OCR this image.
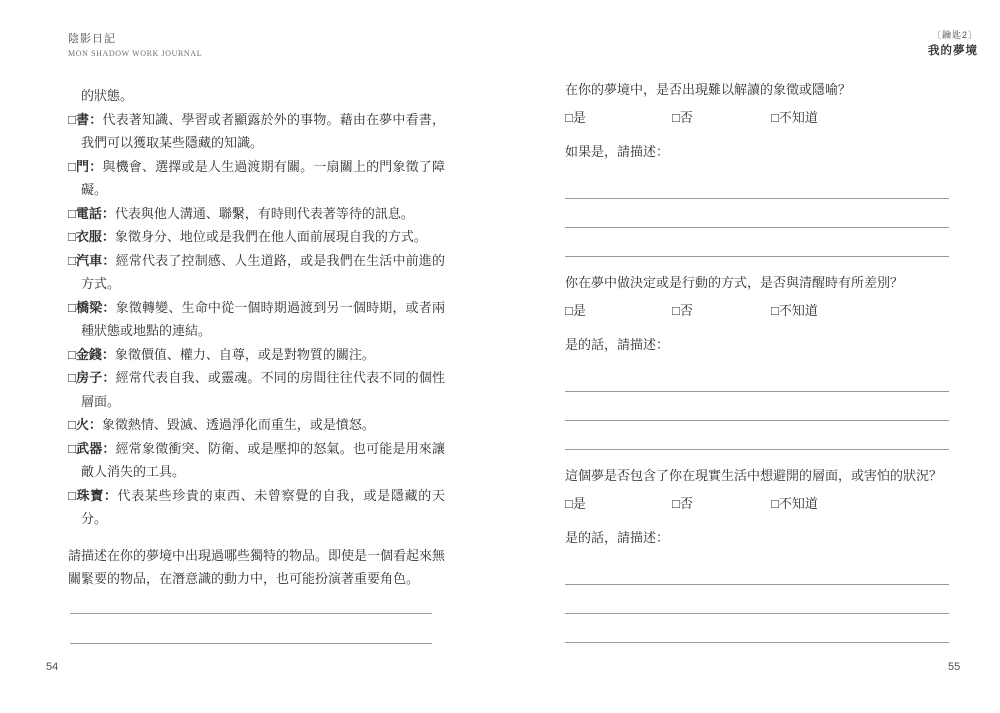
陰影日記
MON SHADOW WORK JOURNAL
〔鑰匙2〕
我的夢境
的狀態。
□書：代表著知識、學習或者顯露於外的事物。藉由在夢中看書，我們可以獲取某些隱藏的知識。
□門：與機會、選擇或是人生過渡期有關。一扇關上的門象徵了障礙。
□電話：代表與他人溝通、聯繫，有時則代表著等待的訊息。
□衣服：象徵身分、地位或是我們在他人面前展現自我的方式。
□汽車：經常代表了控制感、人生道路，或是我們在生活中前進的方式。
□橋梁：象徵轉變、生命中從一個時期過渡到另一個時期，或者兩種狀態或地點的連結。
□金錢：象徵價值、權力、自尊，或是對物質的關注。
□房子：經常代表自我、或靈魂。不同的房間往往代表不同的個性層面。
□火：象徵熱情、毀滅、透過淨化而重生，或是憤怒。
□武器：經常象徵衝突、防衛、或是壓抑的怒氣。也可能是用來讓敵人消失的工具。
□珠寶：代表某些珍貴的東西、未曾察覺的自我，或是隱藏的天分。

請描述在你的夢境中出現過哪些獨特的物品。即使是一個看起來無關緊要的物品，在潛意識的動力中，也可能扮演著重要角色。

在你的夢境中，是否出現難以解讀的象徵或隱喻？
□是	□否	□不知道
如果是，請描述：
你在夢中做決定或是行動的方式，是否與清醒時有所差別？
□是	□否	□不知道
是的話，請描述：
這個夢是否包含了你在現實生活中想避開的層面，或害怕的狀況？
□是	□否	□不知道
是的話，請描述：
54	55
